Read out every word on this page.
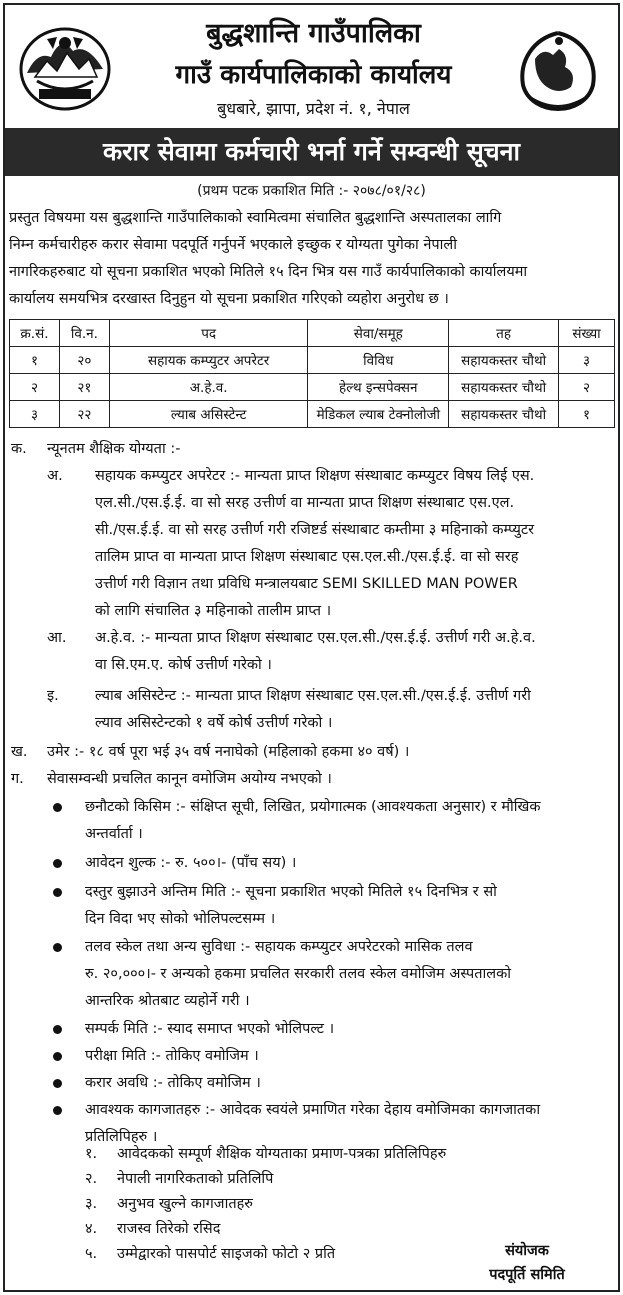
बुद्धशान्ति गाउँपालिका
गाउँ कार्यपालिकाको कार्यालय
बुधबारे, झापा, प्रदेश नं. १, नेपाल
करार सेवामा कर्मचारी भर्ना गर्ने सम्वन्धी सूचना
(प्रथम पटक प्रकाशित मिति :- २०७८/०१/२८)
प्रस्तुत विषयमा यस बुद्धशान्ति गाउँपालिकाको स्वामित्वमा संचालित बुद्धशान्ति अस्पतालका लागि
निम्न कर्मचारीहरु करार सेवामा पदपूर्ति गर्नुपर्ने भएकाले इच्छुक र योग्यता पुगेका नेपाली
नागरिकहरुबाट यो सूचना प्रकाशित भएको मितिले १५ दिन भित्र यस गाउँ कार्यपालिकाको कार्यालयमा
कार्यालय समयभित्र दरखास्त दिनुहुन यो सूचना प्रकाशित गरिएको व्यहोरा अनुरोध छ ।
क्र.सं.	वि.न.	पद	सेवा/समूह	तह	संख्या
१	२०	सहायक कम्प्युटर अपरेटर	विविध	सहायकस्तर चौथो	३
२	२१	अ.हे.व.	हेल्थ इन्सपेक्सन	सहायकस्तर चौथो	२
३	२२	ल्याब असिस्टेन्ट	मेडिकल ल्याब टेक्नोलोजी	सहायकस्तर चौथो	१
क. न्यूनतम शैक्षिक योग्यता :-
अ. सहायक कम्प्युटर अपरेटर :- मान्यता प्राप्त शिक्षण संस्थाबाट कम्प्युटर विषय लिई एस.
एल.सी./एस.ई.ई. वा सो सरह उत्तीर्ण वा मान्यता प्राप्त शिक्षण संस्थाबाट एस.एल.
सी./एस.ई.ई. वा सो सरह उत्तीर्ण गरी रजिष्टर्ड संस्थाबाट कम्तीमा ३ महिनाको कम्प्युटर
तालिम प्राप्त वा मान्यता प्राप्त शिक्षण संस्थाबाट एस.एल.सी./एस.ई.ई. वा सो सरह
उत्तीर्ण गरी विज्ञान तथा प्रविधि मन्त्रालयबाट SEMI SKILLED MAN POWER
को लागि संचालित ३ महिनाको तालीम प्राप्त ।
आ. अ.हे.व. :- मान्यता प्राप्त शिक्षण संस्थाबाट एस.एल.सी./एस.ई.ई. उत्तीर्ण गरी अ.हे.व.
वा सि.एम.ए. कोर्ष उत्तीर्ण गरेको ।
इ.	ल्याब असिस्टेन्ट :- मान्यता प्राप्त शिक्षण संस्थाबाट एस.एल.सी./एस.ई.ई. उत्तीर्ण गरी
ल्याव असिस्टेन्टको १ वर्षे कोर्ष उत्तीर्ण गरेको ।
ख. उमेर :- १८ वर्ष पूरा भई ३५ वर्ष ननाघेको (महिलाको हकमा ४० वर्ष) ।
ग. सेवासम्वन्धी प्रचलित कानून वमोजिम अयोग्य नभएको ।
छनौटको किसिम :- संक्षिप्त सूची, लिखित, प्रयोगात्मक (आवश्यकता अनुसार) र मौखिक
अन्तर्वार्ता ।
आवेदन शुल्क :- रु. ५००।- (पाँच सय) ।
दस्तुर बुझाउने अन्तिम मिति :- सूचना प्रकाशित भएको मितिले १५ दिनभित्र र सो
दिन विदा भए सोको भोलिपल्टसम्म ।
तलव स्केल तथा अन्य सुविधा :- सहायक कम्प्युटर अपरेटरको मासिक तलव
रु. २०,०००।- र अन्यको हकमा प्रचलित सरकारी तलव स्केल वमोजिम अस्पतालको
आन्तरिक श्रोतबाट व्यहोर्ने गरी ।
सम्पर्क मिति :- स्याद समाप्त भएको भोलिपल्ट ।
परीक्षा मिति :- तोकिए वमोजिम ।
करार अवधि :- तोकिए वमोजिम ।
आवश्यक कागजातहरु :- आवेदक स्वयंले प्रमाणित गरेका देहाय वमोजिमका कागजातका
प्रतिलिपिहरु ।
१. आवेदकको सम्पूर्ण शैक्षिक योग्यताका प्रमाण-पत्रका प्रतिलिपिहरु
२. नेपाली नागरिकताको प्रतिलिपि
३. अनुभव खुल्ने कागजातहरु
४. राजस्व तिरेको रसिद
५. उम्मेद्वारको पासपोर्ट साइजको फोटो २ प्रति	संयोजक
पदपूर्ति समिति
